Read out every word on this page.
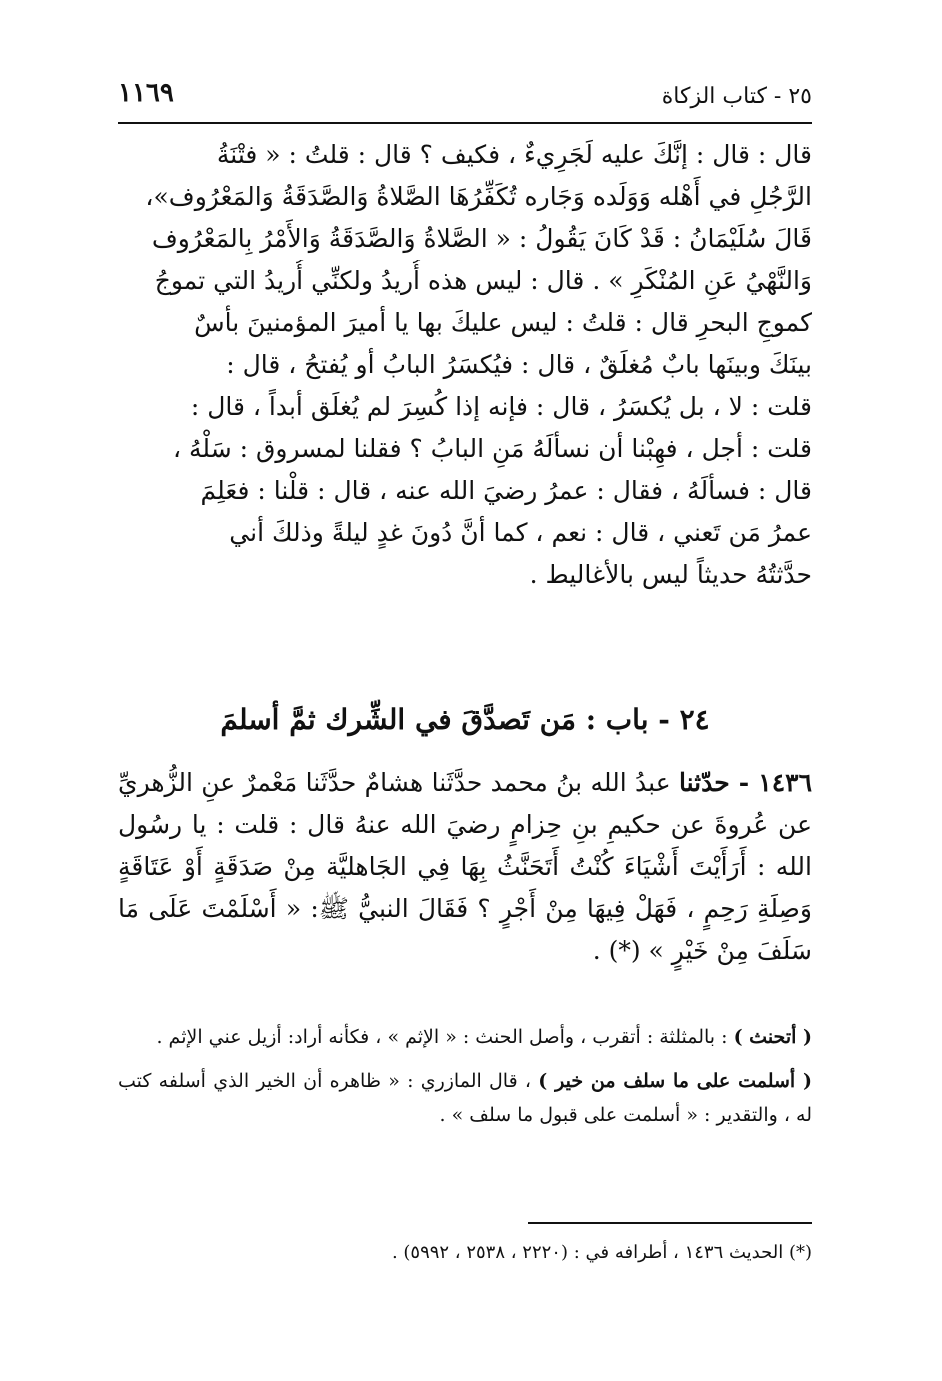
٢٥ - كتاب الزكاة
١١٦٩
قال : قال : إنَّكَ عليه لَجَرِيءٌ ، فكيف ؟ قال : قلتُ : « فتْنَةُ
الرَّجُلِ في أَهْله وَوَلَده وَجَاره تُكَفِّرُهَا الصَّلاةُ وَالصَّدَقَةُ وَالمَعْرُوف»،
قَالَ سُلَيْمَانُ : قَدْ كَانَ يَقُولُ : « الصَّلاةُ وَالصَّدَقَةُ وَالأَمْرُ بِالمَعْرُوف
وَالنَّهْيُ عَنِ المُنْكَرِ » . قال : ليس هذه أُريدُ ولكنِّي أُريدُ التي تموجُ
كموجِ البحرِ قال : قلتُ : ليس عليكَ بها يا أميرَ المؤمنينَ بأسٌ
بينَكَ وبينَها بابٌ مُغلَقٌ ، قال : فيُكسَرُ البابُ أو يُفتحُ ، قال :
قلت : لا ، بل يُكسَرُ ، قال : فإنه إذا كُسِرَ لم يُغلَق أبداً ، قال :
قلت : أجل ، فهِبْنا أن نسألَهُ مَنِ البابُ ؟ فقلنا لمسروق : سَلْهُ ،
قال : فسألَهُ ، فقال : عمرُ رضيَ الله عنه ، قال : قلْنا : فعَلِمَ
عمرُ مَن تَعني ، قال : نعم ، كما أنَّ دُونَ غدٍ ليلةً وذلكَ أني
حدَّثتُهُ حديثاً ليس بالأغاليط .
٢٤ - باب : مَن تَصدَّقَ في الشِّرك ثمَّ أسلمَ
١٤٣٦ - حدّثنا عبدُ الله بنُ محمد حدَّثَنا هشامٌ حدَّثَنا مَعْمرٌ عنِ الزُّهريِّ عن عُروةَ عن حكيمِ بنِ حِزامٍ رضيَ الله عنهُ قال : قلت : يا رسُول الله : أَرَأَيْتَ أَشْيَاءَ كُنْتُ أَتَحَنَّثُ بِهَا فِي الجَاهليَّة مِنْ صَدَقَةٍ أَوْ عَتَاقَةٍ وَصِلَةِ رَحِمٍ ، فَهَلْ فِيهَا مِنْ أَجْرٍ ؟ فَقَالَ النبيُّ ﷺ: « أَسْلَمْتَ عَلَى مَا سَلَفَ مِنْ خَيْرٍ » (*) .

( أتحنث ) : بالمثلثة : أتقرب ، وأصل الحنث : « الإثم » ، فكأنه أراد: أزيل عني الإثم .

( أسلمت على ما سلف من خير ) ، قال المازري : « ظاهره أن الخير الذي أسلفه كتب له ، والتقدير : « أسلمت على قبول ما سلف » .

(*) الحديث ١٤٣٦ ، أطرافه في : (٢٢٢٠ ، ٢٥٣٨ ، ٥٩٩٢) .
